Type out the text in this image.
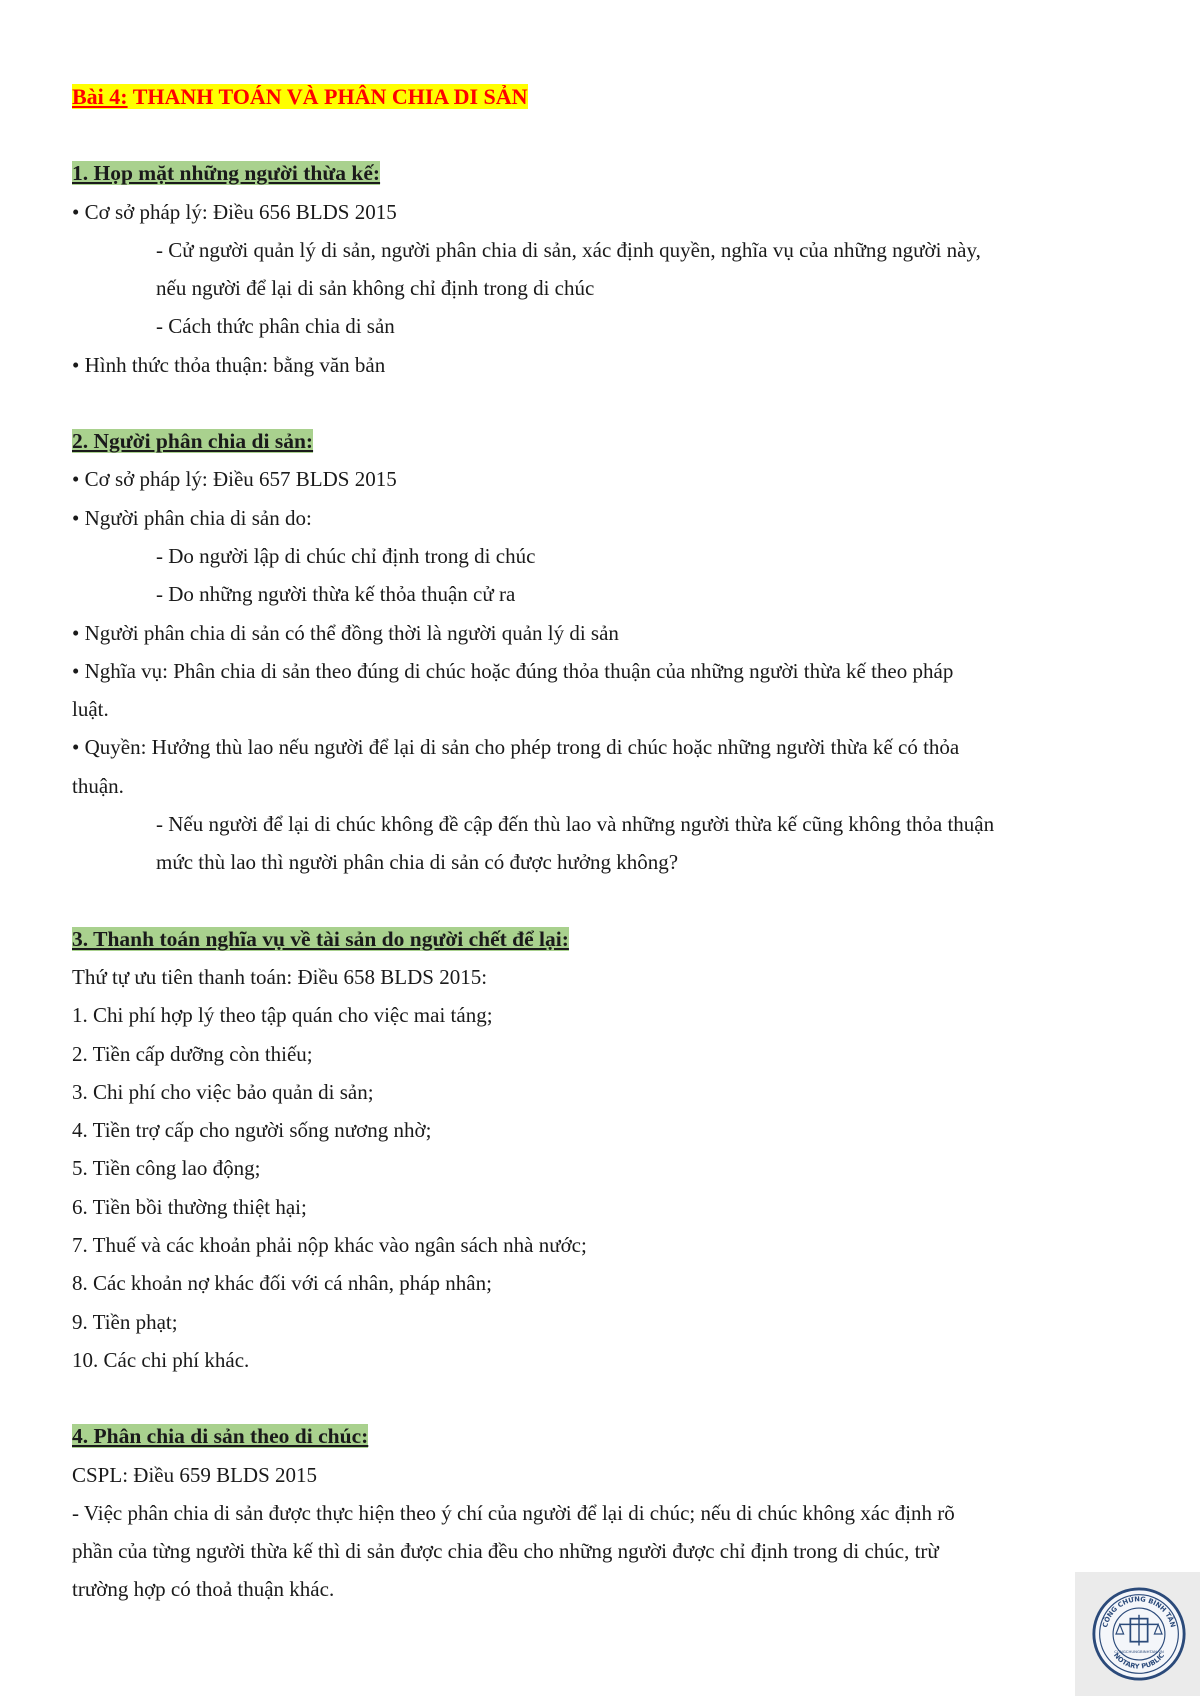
Bài 4: THANH TOÁN VÀ PHÂN CHIA DI SẢN
1. Họp mặt những người thừa kế:
• Cơ sở pháp lý: Điều 656 BLDS 2015
- Cử người quản lý di sản, người phân chia di sản, xác định quyền, nghĩa vụ của những người này,
nếu người để lại di sản không chỉ định trong di chúc
- Cách thức phân chia di sản
• Hình thức thỏa thuận: bằng văn bản
2. Người phân chia di sản:
• Cơ sở pháp lý: Điều 657 BLDS 2015
• Người phân chia di sản do:
- Do người lập di chúc chỉ định trong di chúc
- Do những người thừa kế thỏa thuận cử ra
• Người phân chia di sản có thể đồng thời là người quản lý di sản
• Nghĩa vụ: Phân chia di sản theo đúng di chúc hoặc đúng thỏa thuận của những người thừa kế theo pháp
luật.
• Quyền: Hưởng thù lao nếu người để lại di sản cho phép trong di chúc hoặc những người thừa kế có thỏa
thuận.
- Nếu người để lại di chúc không đề cập đến thù lao và những người thừa kế cũng không thỏa thuận
mức thù lao thì người phân chia di sản có được hưởng không?
3. Thanh toán nghĩa vụ về tài sản do người chết để lại:
Thứ tự ưu tiên thanh toán: Điều 658 BLDS 2015:
1. Chi phí hợp lý theo tập quán cho việc mai táng;
2. Tiền cấp dưỡng còn thiếu;
3. Chi phí cho việc bảo quản di sản;
4. Tiền trợ cấp cho người sống nương nhờ;
5. Tiền công lao động;
6. Tiền bồi thường thiệt hại;
7. Thuế và các khoản phải nộp khác vào ngân sách nhà nước;
8. Các khoản nợ khác đối với cá nhân, pháp nhân;
9. Tiền phạt;
10. Các chi phí khác.
4. Phân chia di sản theo di chúc:
CSPL: Điều 659 BLDS 2015
- Việc phân chia di sản được thực hiện theo ý chí của người để lại di chúc; nếu di chúc không xác định rõ
phần của từng người thừa kế thì di sản được chia đều cho những người được chỉ định trong di chúc, trừ
trường hợp có thoả thuận khác.
CÔNG CHỨNG BÌNH TÂN
NOTARY PUBLIC
CONGCHUNGBINHTAN.VN
